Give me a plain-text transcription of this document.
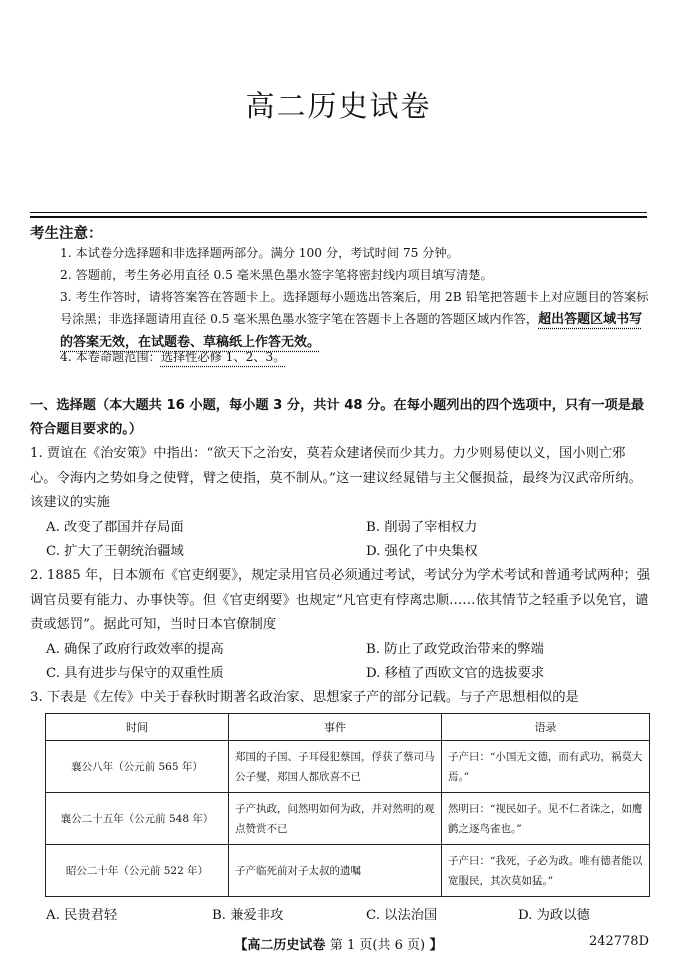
高二历史试卷
考生注意：
1. 本试卷分选择题和非选择题两部分。满分 100 分，考试时间 75 分钟。
2. 答题前，考生务必用直径 0.5 毫米黑色墨水签字笔将密封线内项目填写清楚。
3. 考生作答时，请将答案答在答题卡上。选择题每小题选出答案后，用 2B 铅笔把答题卡上对应题目的答案标号涂黑；非选择题请用直径 0.5 毫米黑色墨水签字笔在答题卡上各题的答题区域内作答，超出答题区域书写的答案无效，在试题卷、草稿纸上作答无效。
4. 本卷命题范围：选择性必修 1、2、3。
一、选择题（本大题共 16 小题，每小题 3 分，共计 48 分。在每小题列出的四个选项中，只有一项是最符合题目要求的。）
1. 贾谊在《治安策》中指出：“欲天下之治安，莫若众建诸侯而少其力。力少则易使以义，国小则亡邪心。令海内之势如身之使臂，臂之使指，莫不制从。”这一建议经晁错与主父偃损益，最终为汉武帝所纳。该建议的实施
A. 改变了郡国并存局面	B. 削弱了宰相权力
C. 扩大了王朝统治疆域	D. 强化了中央集权
2. 1885 年，日本颁布《官吏纲要》，规定录用官员必须通过考试，考试分为学术考试和普通考试两种；强调官员要有能力、办事快等。但《官吏纲要》也规定“凡官吏有悖离忠顺……依其情节之轻重予以免官，谴责或惩罚”。据此可知，当时日本官僚制度
A. 确保了政府行政效率的提高	B. 防止了政党政治带来的弊端
C. 具有进步与保守的双重性质	D. 移植了西欧文官的选拔要求
3. 下表是《左传》中关于春秋时期著名政治家、思想家子产的部分记载。与子产思想相似的是
时间	事件	语录
襄公八年（公元前 565 年）	郑国的子国、子耳侵犯蔡国，俘获了蔡司马公子燮，郑国人都欣喜不已	子产曰：“小国无文德，而有武功，祸莫大焉。”
襄公二十五年（公元前 548 年）	子产执政，问然明如何为政，并对然明的观点赞赏不已	然明曰：“视民如子。见不仁者诛之，如鹰鹯之逐鸟雀也。”
昭公二十年（公元前 522 年）	子产临死前对子太叔的遗嘱	子产曰：“我死，子必为政。唯有德者能以宽服民，其次莫如猛。”
A. 民贵君轻	B. 兼爱非攻	C. 以法治国	D. 为政以德
【高二历史试卷 第 1 页(共 6 页) 】	242778D
